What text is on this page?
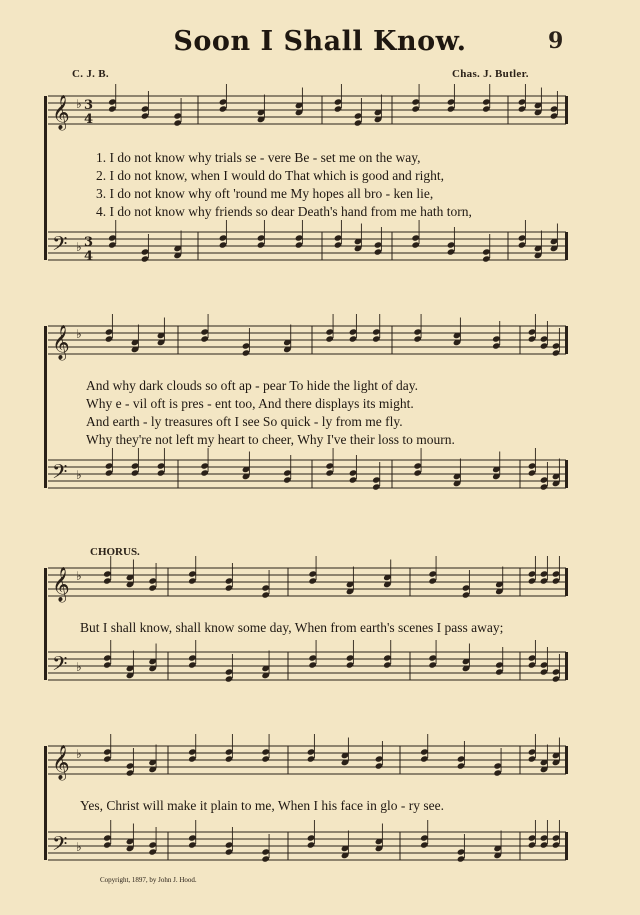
Soon I Shall Know.	9
C. J. B.	Chas. J. Butler.
𝄞
𝄢
♭
♭
3
4
3
4
𝄞
𝄢
♭
♭
𝄞
𝄢
♭
♭
𝄞
𝄢
♭
♭
1. I do not know why trials se - vere Be - set me on the way,
2. I do not know, when I would do That which is good and right,
3. I do not know why oft 'round me My hopes all bro - ken lie,
4. I do not know why friends so dear Death's hand from me hath torn,
And why dark clouds so oft ap - pear To hide the light of day.
Why e - vil oft is pres - ent too, And there displays its might.
And earth - ly treasures oft I see So quick - ly from me fly.
Why they're not left my heart to cheer, Why I've their loss to mourn.
CHORUS.
But I shall know, shall know some day, When from earth's scenes I pass away;
Yes, Christ will make it plain to me, When I his face in glo - ry see.
Copyright, 1897, by John J. Hood.
